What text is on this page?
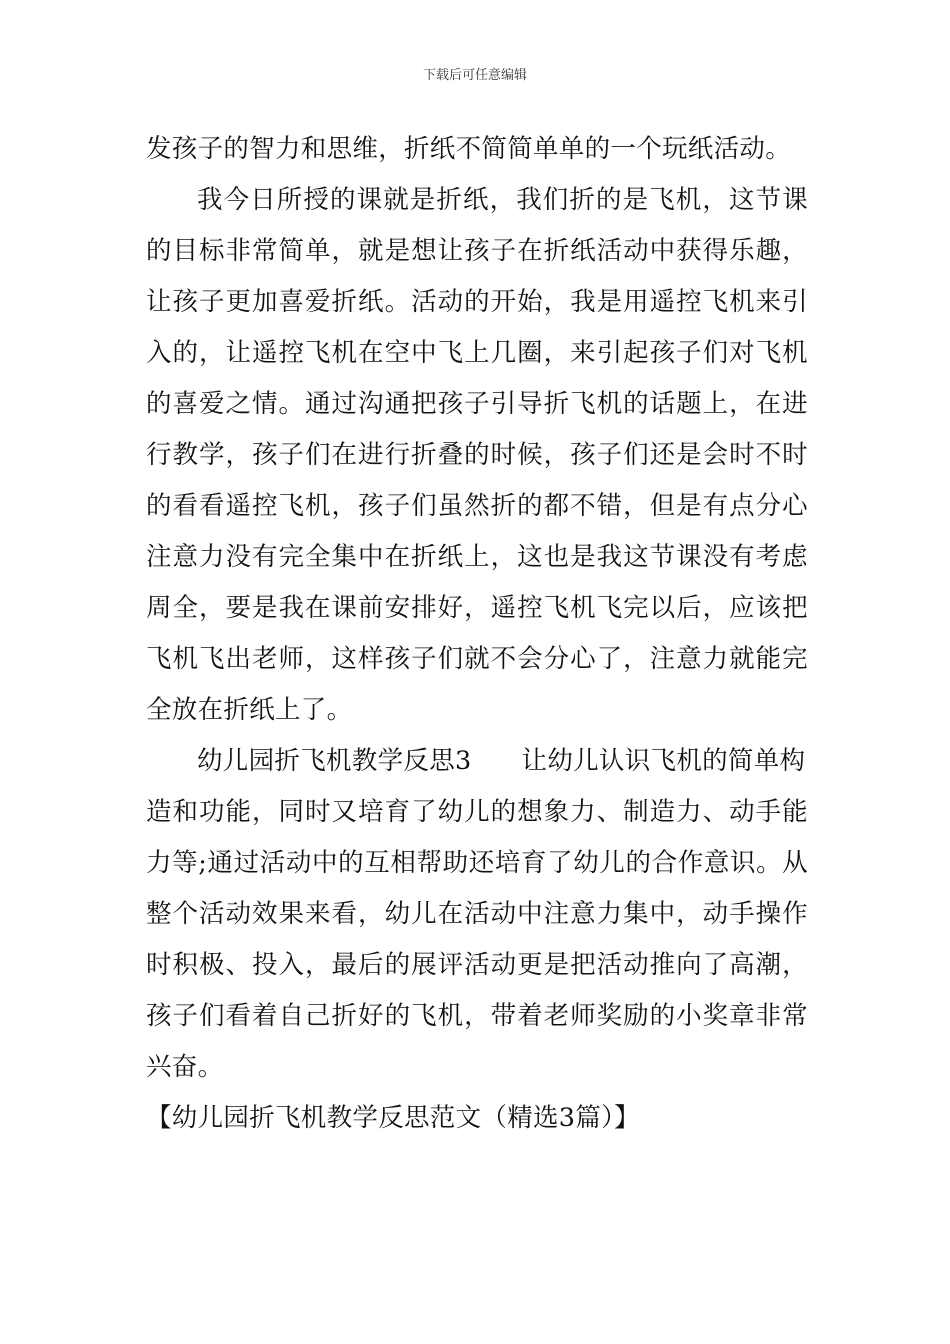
下载后可任意编辑
发孩子的智力和思维，折纸不简简单单的一个玩纸活动。
我今日所授的课就是折纸，我们折的是飞机，这节课
的目标非常简单，就是想让孩子在折纸活动中获得乐趣，
让孩子更加喜爱折纸。活动的开始，我是用遥控飞机来引
入的，让遥控飞机在空中飞上几圈，来引起孩子们对飞机
的喜爱之情。通过沟通把孩子引导折飞机的话题上，在进
行教学，孩子们在进行折叠的时候，孩子们还是会时不时
的看看遥控飞机，孩子们虽然折的都不错，但是有点分心
注意力没有完全集中在折纸上，这也是我这节课没有考虑
周全，要是我在课前安排好，遥控飞机飞完以后，应该把
飞机飞出老师，这样孩子们就不会分心了，注意力就能完
全放在折纸上了。
幼儿园折飞机教学反思3 让幼儿认识飞机的简单构
造和功能，同时又培育了幼儿的想象力、制造力、动手能
力等;通过活动中的互相帮助还培育了幼儿的合作意识。从
整个活动效果来看，幼儿在活动中注意力集中，动手操作
时积极、投入，最后的展评活动更是把活动推向了高潮，
孩子们看着自己折好的飞机，带着老师奖励的小奖章非常
兴奋。
【幼儿园折飞机教学反思范文（精选3篇）】
